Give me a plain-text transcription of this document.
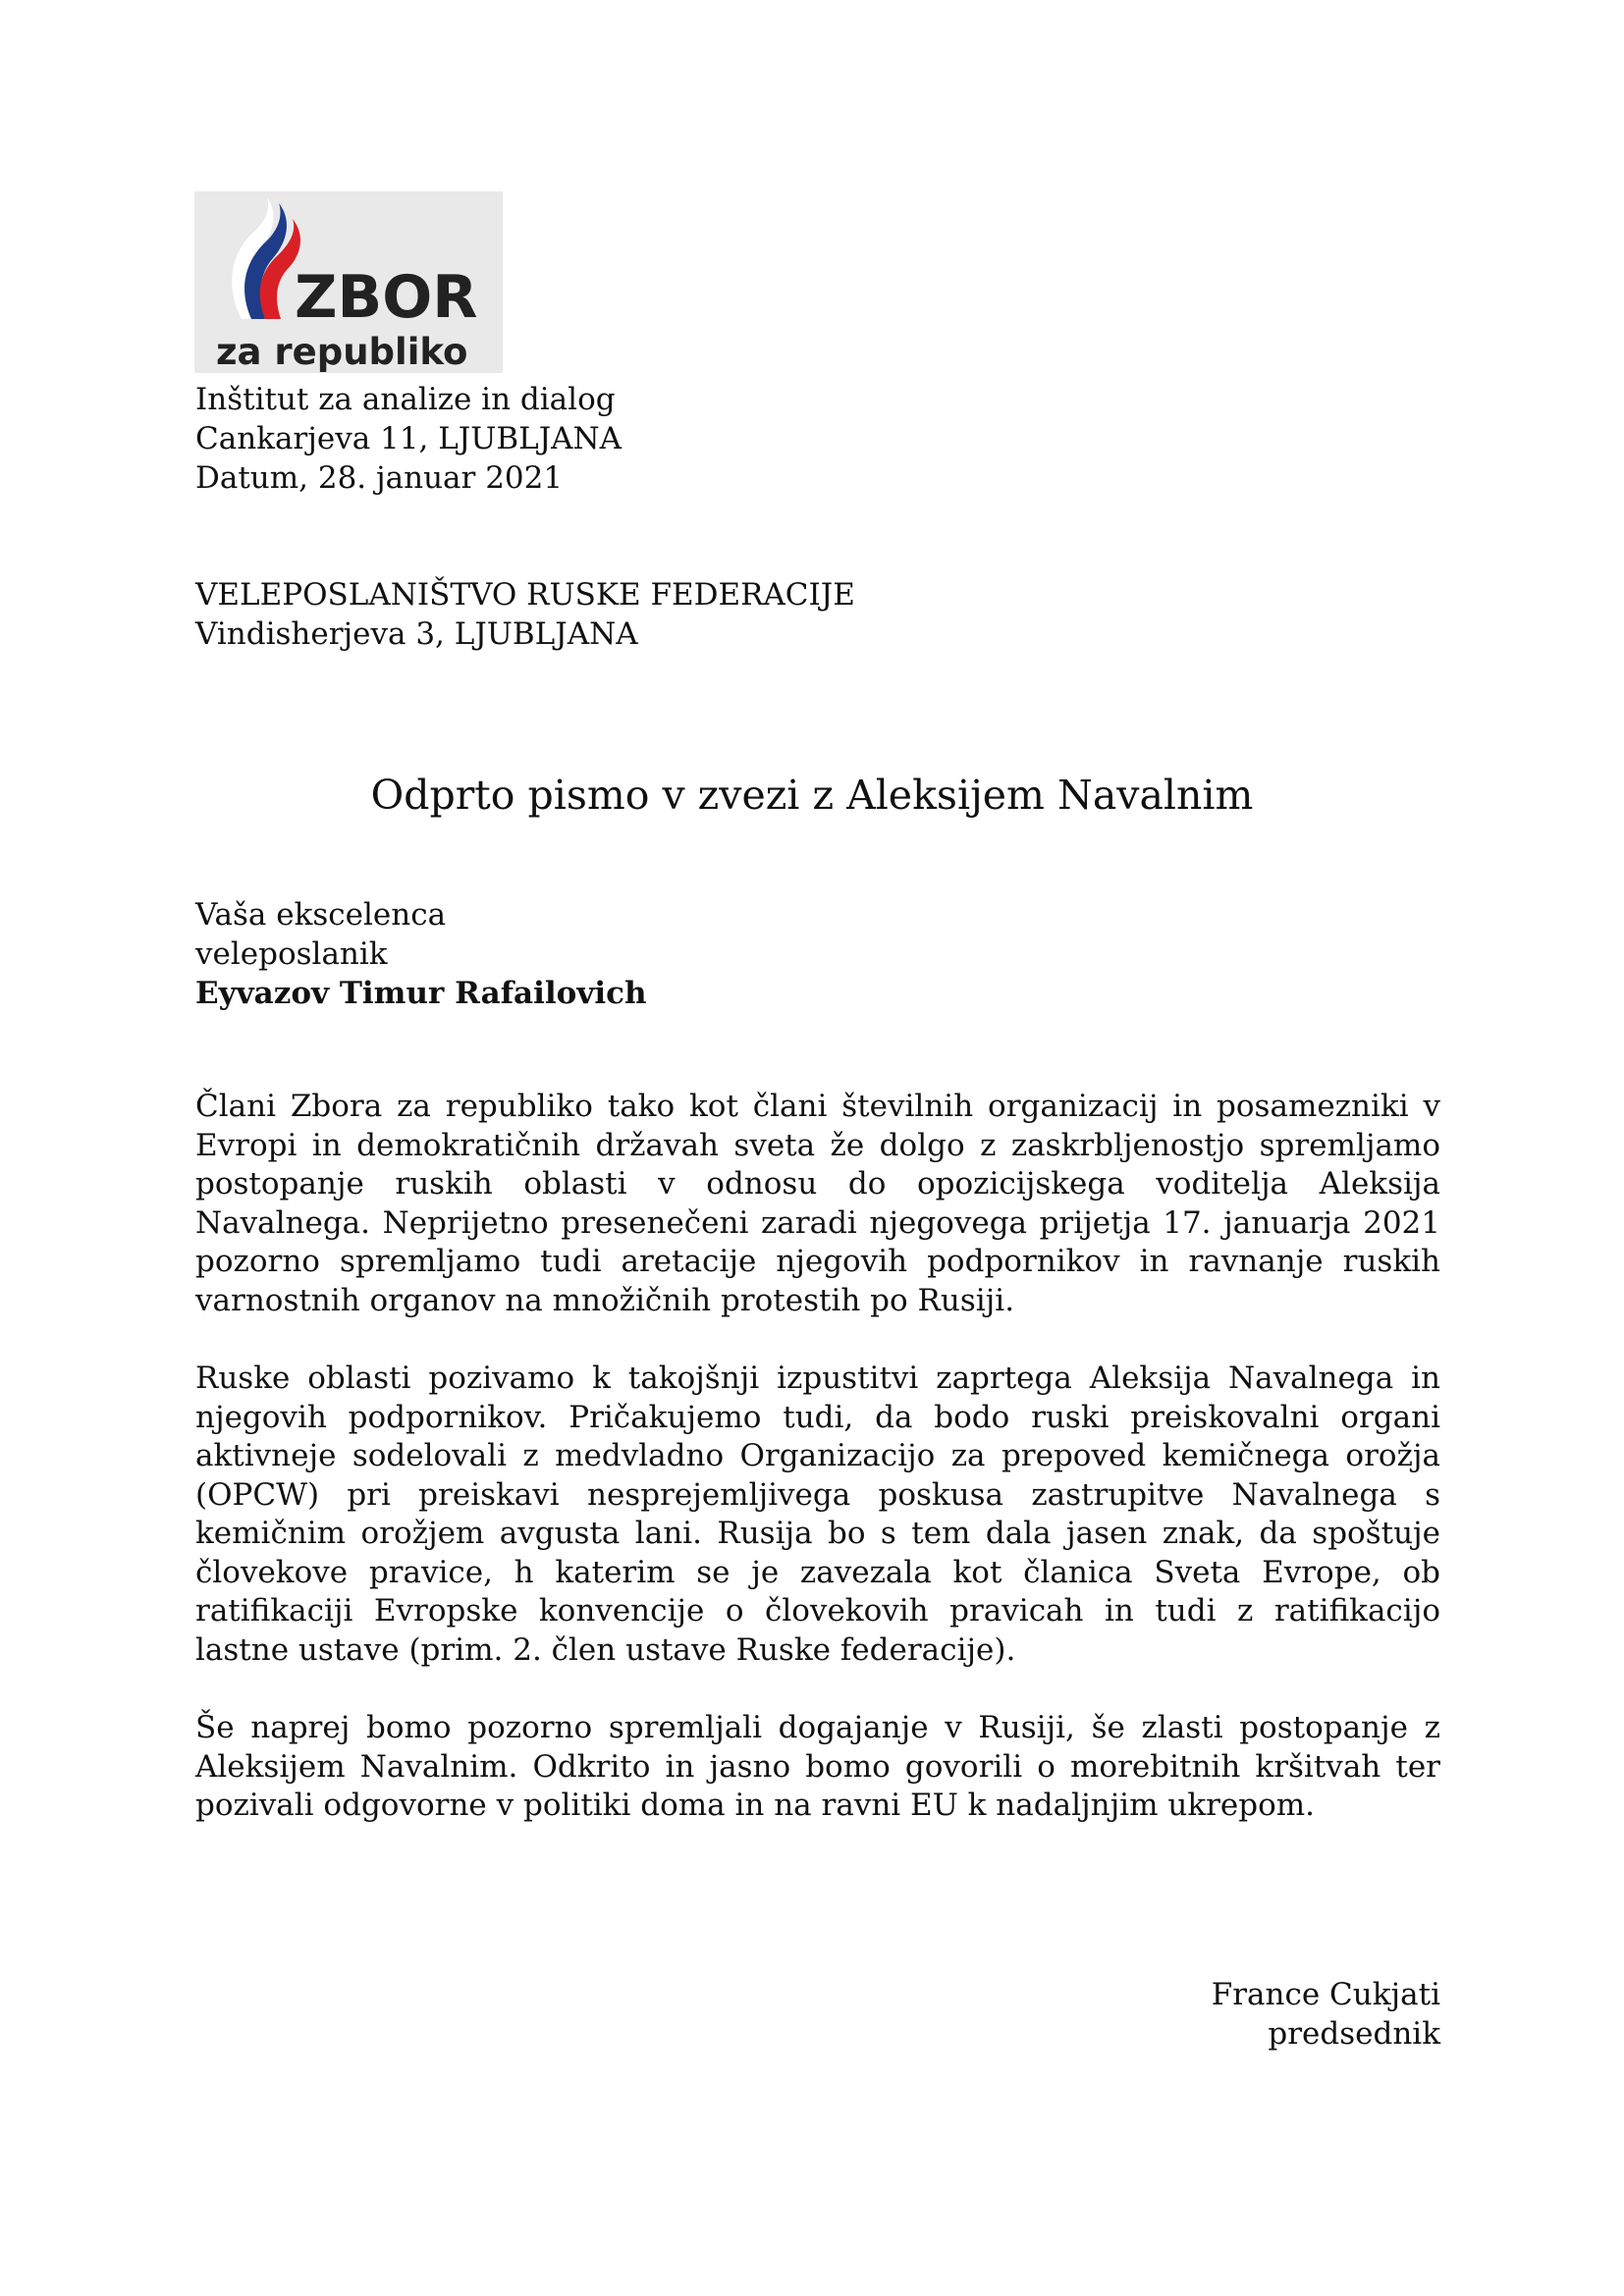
ZBOR
za republiko
Inštitut za analize in dialog
Cankarjeva 11, LJUBLJANA
Datum, 28. januar 2021
VELEPOSLANIŠTVO RUSKE FEDERACIJE
Vindisherjeva 3, LJUBLJANA
Odprto pismo v zvezi z Aleksijem Navalnim
Vaša ekscelenca
veleposlanik
Eyvazov Timur Rafailovich

Člani Zbora za republiko tako kot člani številnih organizacij in posamezniki v Evropi in demokratičnih državah sveta že dolgo z zaskrbljenostjo spremljamo postopanje ruskih oblasti v odnosu do opozicijskega voditelja Aleksija Navalnega. Neprijetno presenečeni zaradi njegovega prijetja 17. januarja 2021 pozorno spremljamo tudi aretacije njegovih podpornikov in ravnanje ruskih varnostnih organov na množičnih protestih po Rusiji.

Ruske oblasti pozivamo k takojšnji izpustitvi zaprtega Aleksija Navalnega in njegovih podpornikov. Pričakujemo tudi, da bodo ruski preiskovalni organi aktivneje sodelovali z medvladno Organizacijo za prepoved kemičnega orožja (OPCW) pri preiskavi nesprejemljivega poskusa zastrupitve Navalnega s kemičnim orožjem avgusta lani. Rusija bo s tem dala jasen znak, da spoštuje človekove pravice, h katerim se je zavezala kot članica Sveta Evrope, ob ratifikaciji Evropske konvencije o človekovih pravicah in tudi z ratifikacijo lastne ustave (prim. 2. člen ustave Ruske federacije).

Še naprej bomo pozorno spremljali dogajanje v Rusiji, še zlasti postopanje z Aleksijem Navalnim. Odkrito in jasno bomo govorili o morebitnih kršitvah ter pozivali odgovorne v politiki doma in na ravni EU k nadaljnjim ukrepom.

France Cukjati
predsednik
